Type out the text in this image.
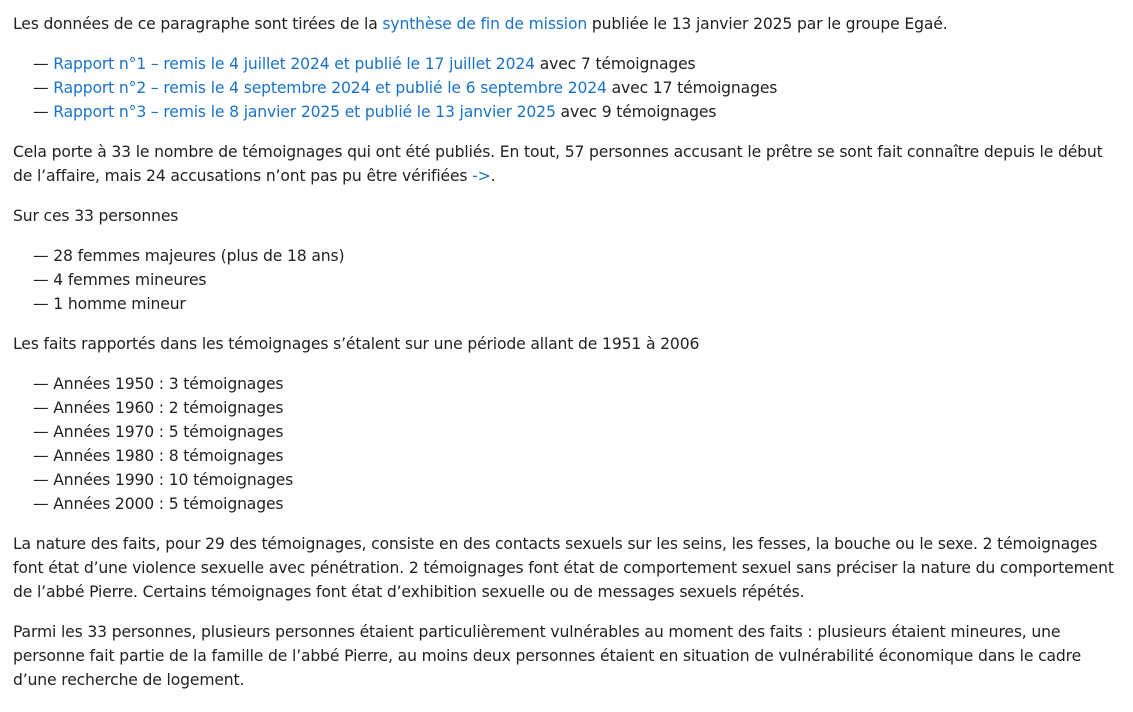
Les données de ce paragraphe sont tirées de la synthèse de fin de mission publiée le 13 janvier 2025 par le groupe Egaé.

— Rapport n°1 – remis le 4 juillet 2024 et publié le 17 juillet 2024 avec 7 témoignages
— Rapport n°2 – remis le 4 septembre 2024 et publié le 6 septembre 2024 avec 17 témoignages
— Rapport n°3 – remis le 8 janvier 2025 et publié le 13 janvier 2025 avec 9 témoignages

Cela porte à 33 le nombre de témoignages qui ont été publiés. En tout, 57 personnes accusant le prêtre se sont fait connaître depuis le début de l’affaire, mais 24 accusations n’ont pas pu être vérifiées ->.

Sur ces 33 personnes

— 28 femmes majeures (plus de 18 ans)
— 4 femmes mineures
— 1 homme mineur

Les faits rapportés dans les témoignages s’étalent sur une période allant de 1951 à 2006

— Années 1950 : 3 témoignages
— Années 1960 : 2 témoignages
— Années 1970 : 5 témoignages
— Années 1980 : 8 témoignages
— Années 1990 : 10 témoignages
— Années 2000 : 5 témoignages

La nature des faits, pour 29 des témoignages, consiste en des contacts sexuels sur les seins, les fesses, la bouche ou le sexe. 2 témoignages font état d’une violence sexuelle avec pénétration. 2 témoignages font état de comportement sexuel sans préciser la nature du comportement de l’abbé Pierre. Certains témoignages font état d’exhibition sexuelle ou de messages sexuels répétés.

Parmi les 33 personnes, plusieurs personnes étaient particulièrement vulnérables au moment des faits : plusieurs étaient mineures, une personne fait partie de la famille de l’abbé Pierre, au moins deux personnes étaient en situation de vulnérabilité économique dans le cadre d’une recherche de logement.
